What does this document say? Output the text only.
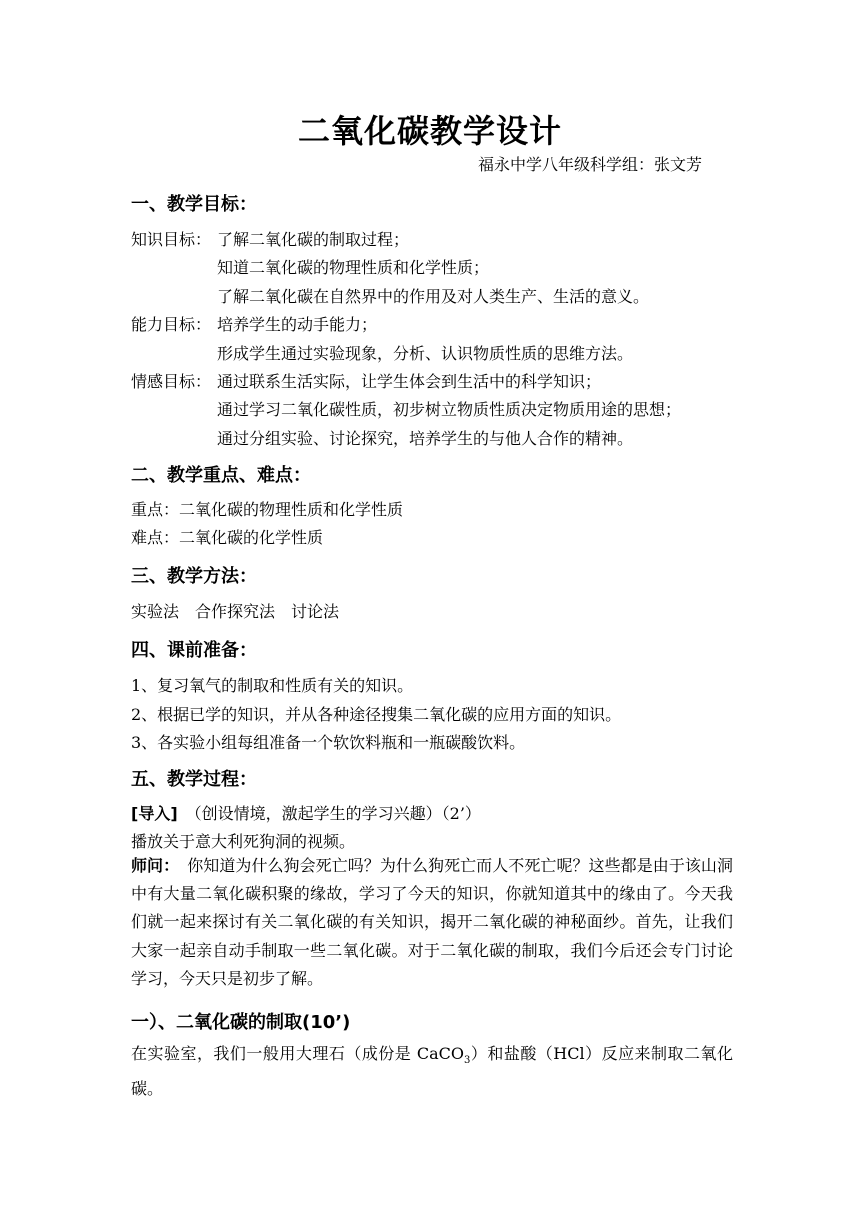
二氧化碳教学设计
福永中学八年级科学组：张文芳
一、教学目标：
知识目标： 了解二氧化碳的制取过程；
知道二氧化碳的物理性质和化学性质；
了解二氧化碳在自然界中的作用及对人类生产、生活的意义。
能力目标： 培养学生的动手能力；
形成学生通过实验现象，分析、认识物质性质的思维方法。
情感目标： 通过联系生活实际，让学生体会到生活中的科学知识；
通过学习二氧化碳性质，初步树立物质性质决定物质用途的思想；
通过分组实验、讨论探究，培养学生的与他人合作的精神。
二、教学重点、难点：
重点：二氧化碳的物理性质和化学性质
难点：二氧化碳的化学性质
三、教学方法：
实验法　合作探究法　讨论法
四、课前准备：
1、复习氧气的制取和性质有关的知识。
2、根据已学的知识，并从各种途径搜集二氧化碳的应用方面的知识。
3、各实验小组每组准备一个软饮料瓶和一瓶碳酸饮料。
五、教学过程：
[导入]　（创设情境，激起学生的学习兴趣）（2’）
播放关于意大利死狗洞的视频。
师问：　你知道为什么狗会死亡吗？为什么狗死亡而人不死亡呢？这些都是由于该山洞中有大量二氧化碳积聚的缘故，学习了今天的知识，你就知道其中的缘由了。今天我们就一起来探讨有关二氧化碳的有关知识，揭开二氧化碳的神秘面纱。首先，让我们大家一起亲自动手制取一些二氧化碳。对于二氧化碳的制取，我们今后还会专门讨论学习，今天只是初步了解。
一）、二氧化碳的制取(10’)
在实验室，我们一般用大理石（成份是 CaCO$_3$）和盐酸（HCl）反应来制取二氧化碳。
